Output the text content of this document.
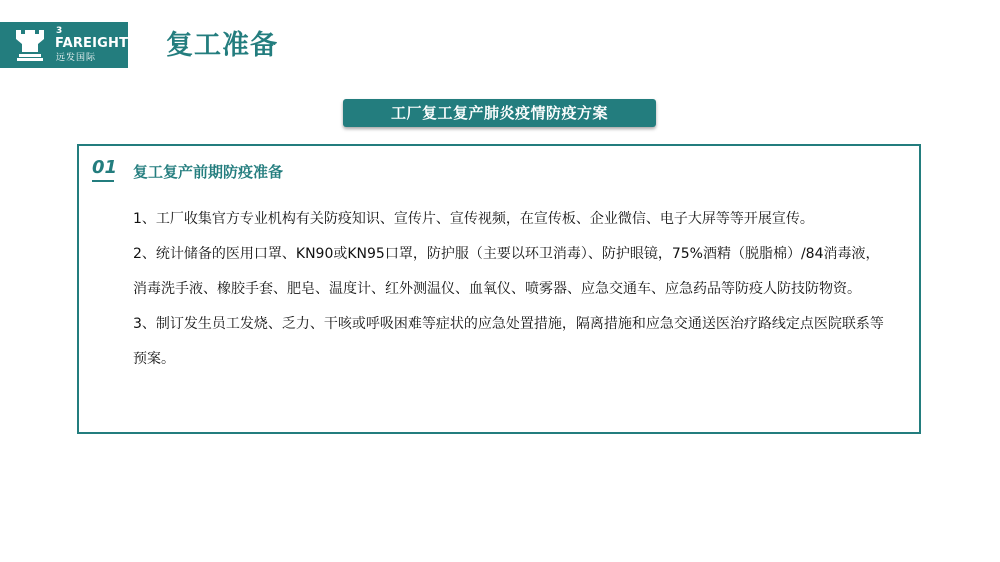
3
FAREIGHT
远发国际	复工准备
工厂复工复产肺炎疫情防疫方案
01 复工复产前期防疫准备

1、工厂收集官方专业机构有关防疫知识、宣传片、宣传视频，在宣传板、企业微信、电子大屏等等开展宣传。

2、统计储备的医用口罩、KN90或KN95口罩，防护服（主要以环卫消毒）、防护眼镜，75%酒精（脱脂棉）/84消毒液，消毒洗手液、橡胶手套、肥皂、温度计、红外测温仪、血氧仪、喷雾器、应急交通车、应急药品等防疫人防技防物资。

3、制订发生员工发烧、乏力、干咳或呼吸困难等症状的应急处置措施，隔离措施和应急交通送医治疗路线定点医院联系等预案。
